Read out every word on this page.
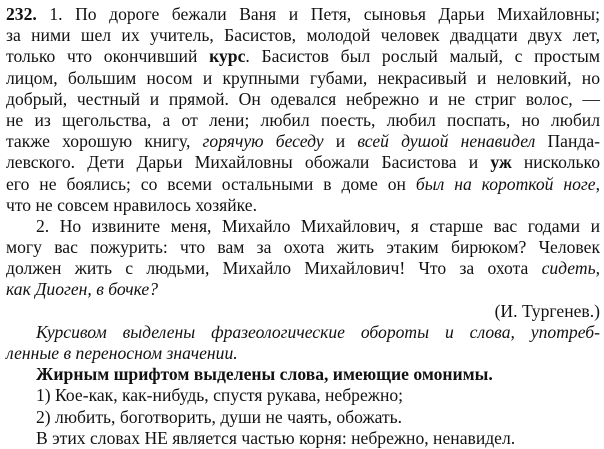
232. 1. По дороге бежали Ваня и Петя, сыновья Дарьи Михайловны;
за ними шел их учитель, Басистов, молодой человек двадцати двух лет,
только что окончивший курс. Басистов был рослый малый, с простым
лицом, большим носом и крупными губами, некрасивый и неловкий, но
добрый, честный и прямой. Он одевался небрежно и не стриг волос, —
не из щегольства, а от лени; любил поесть, любил поспать, но любил
также хорошую книгу, горячую беседу и всей душой ненавидел Панда-
левского. Дети Дарьи Михайловны обожали Басистова и уж нисколько
его не боялись; со всеми остальными в доме он был на короткой ноге,
что не совсем нравилось хозяйке.
2. Но извините меня, Михайло Михайлович, я старше вас годами и
могу вас пожурить: что вам за охота жить этаким бирюком? Человек
должен жить с людьми, Михайло Михайлович! Что за охота сидеть,
как Диоген, в бочке?
(И. Тургенев.)
Курсивом выделены фразеологические обороты и слова, употреб-
ленные в переносном значении.
Жирным шрифтом выделены слова, имеющие омонимы.
1) Кое-как, как-нибудь, спустя рукава, небрежно;
2) любить, боготворить, души не чаять, обожать.
В этих словах НЕ является частью корня: небрежно, ненавидел.
